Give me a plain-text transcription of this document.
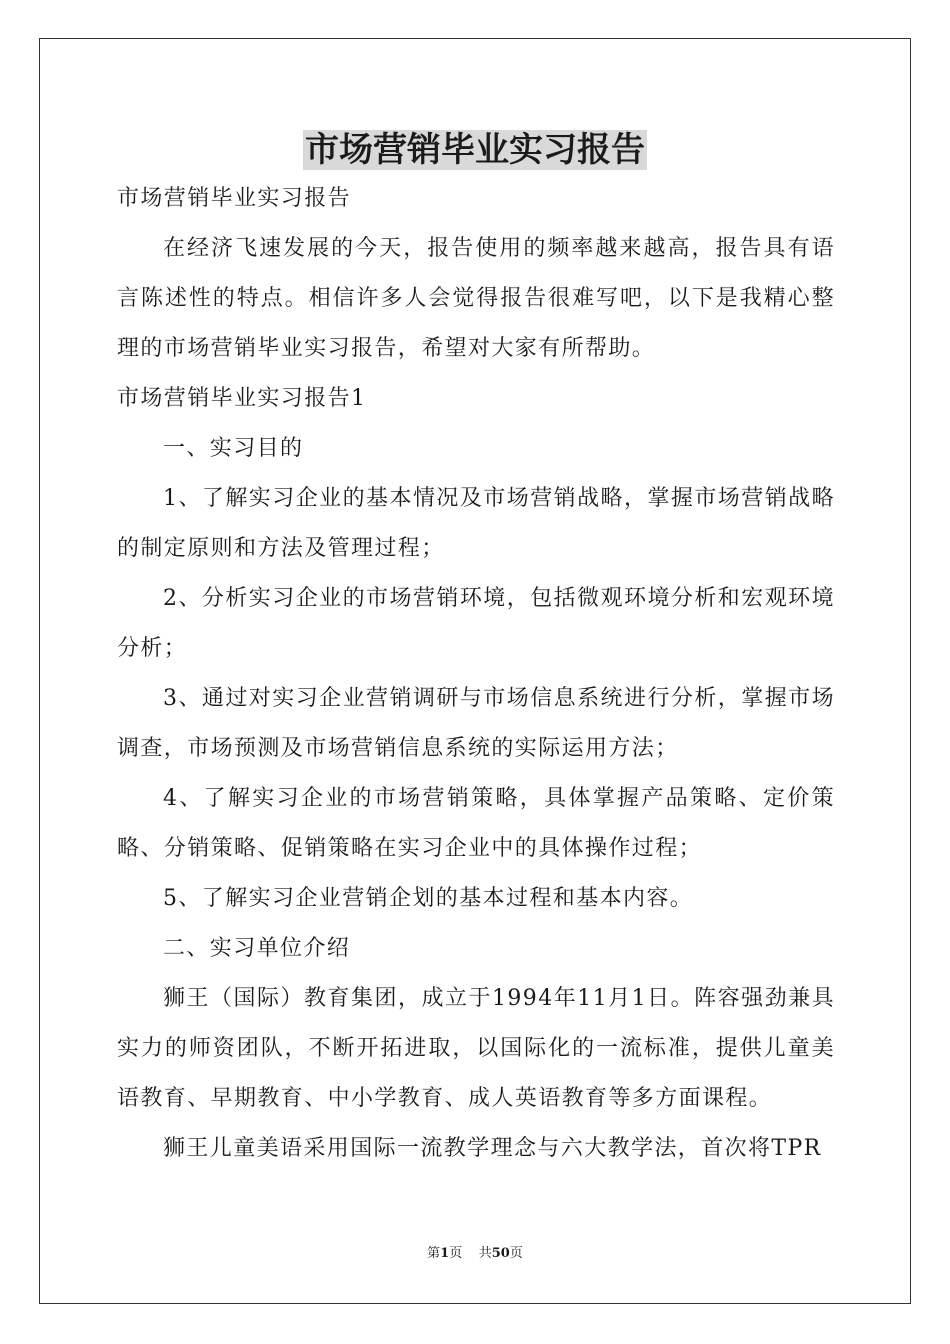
市场营销毕业实习报告

市场营销毕业实习报告

在经济飞速发展的今天，报告使用的频率越来越高，报告具有语言陈述性的特点。相信许多人会觉得报告很难写吧，以下是我精心整理的市场营销毕业实习报告，希望对大家有所帮助。

市场营销毕业实习报告1

一、实习目的

1、了解实习企业的基本情况及市场营销战略，掌握市场营销战略的制定原则和方法及管理过程；

2、分析实习企业的市场营销环境，包括微观环境分析和宏观环境分析；

3、通过对实习企业营销调研与市场信息系统进行分析，掌握市场调查，市场预测及市场营销信息系统的实际运用方法；

4、了解实习企业的市场营销策略，具体掌握产品策略、定价策略、分销策略、促销策略在实习企业中的具体操作过程；

5、了解实习企业营销企划的基本过程和基本内容。

二、实习单位介绍

狮王（国际）教育集团，成立于1994年11月1日。阵容强劲兼具实力的师资团队，不断开拓进取，以国际化的一流标准，提供儿童美语教育、早期教育、中小学教育、成人英语教育等多方面课程。

狮王儿童美语采用国际一流教学理念与六大教学法，首次将TPR

第1页 共50页
